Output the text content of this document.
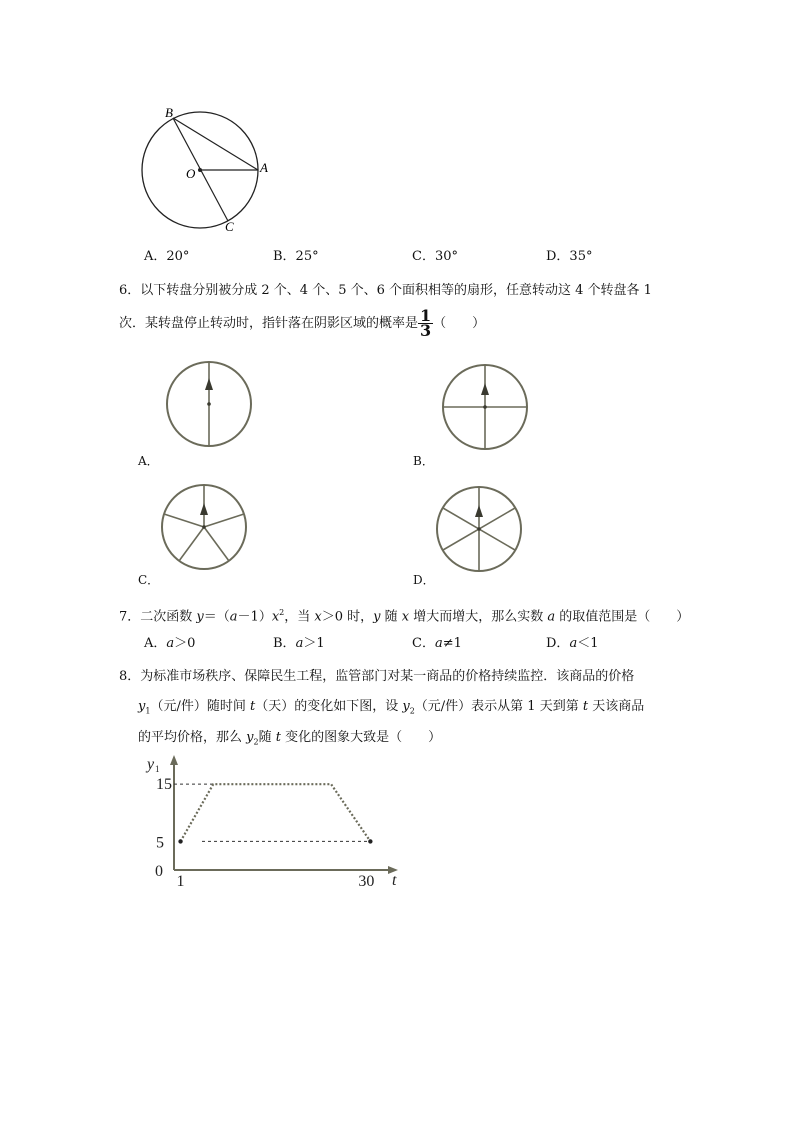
B
O	A
C
A．20°	B．25°	C．30°	D．35°
6．以下转盘分别被分成 2 个、4 个、5 个、6 个面积相等的扇形，任意转动这 4 个转盘各 1
次．某转盘停止转动时，指针落在阴影区域的概率是 $\frac{1}{3}$ （　　）
A．	B．
C．	D．
7．二次函数 $y=(a-1)x^2$，当 x＞0 时，y 随 x 增大而增大，那么实数 a 的取值范围是（　　）
A．a＞0	B．a＞1	C．a≠1	D．a＜1
8．为标准市场秩序、保障民生工程，监管部门对某一商品的价格持续监控．该商品的价格
$y_1$（元/件）随时间 t（天）的变化如下图，设 $y_2$（元/件）表示从第 1 天到第 t 天该商品
的平均价格，那么 $y_2$随 t 变化的图象大致是（　　）
15
5
0
1	30 t
y 1
